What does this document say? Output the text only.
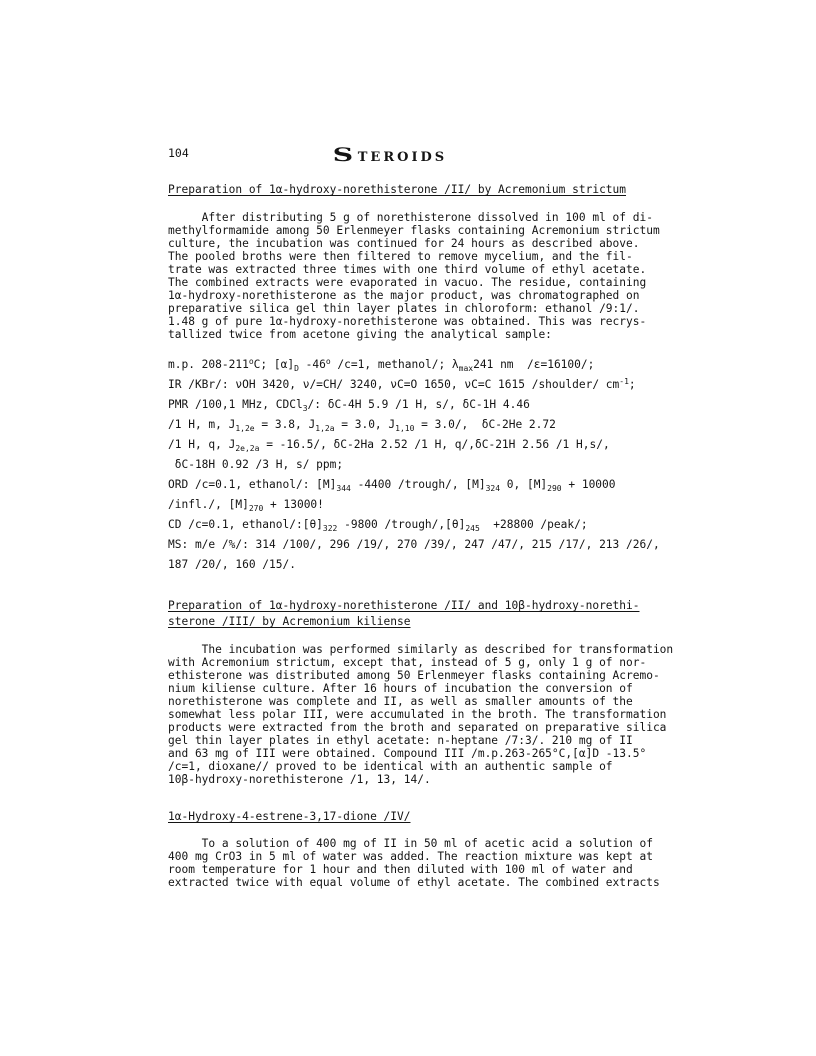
104	S TEROIDS
Preparation of 1α-hydroxy-norethisterone /II/ by Acremonium strictum
After distributing 5 g of norethisterone dissolved in 100 ml of di-
methylformamide among 50 Erlenmeyer flasks containing Acremonium strictum
culture, the incubation was continued for 24 hours as described above.
The pooled broths were then filtered to remove mycelium, and the fil-
trate was extracted three times with one third volume of ethyl acetate.
The combined extracts were evaporated in vacuo. The residue, containing
1α-hydroxy-norethisterone as the major product, was chromatographed on
preparative silica gel thin layer plates in chloroform: ethanol /9:1/.
1.48 g of pure 1α-hydroxy-norethisterone was obtained. This was recrys-
tallized twice from acetone giving the analytical sample:
m.p. 208-211$^o$C; $[\alpha]_D$ -46$^o$ /c=1, methanol/; $\lambda_{max}241$ nm  /ε=16100/;
IR /KBr/: νOH 3420, ν/=CH/ 3240, νC=O 1650, νC=C 1615 /shoulder/ $cm^{-1}$;
PMR /100,1 MHz, CDCl$_3$/: δC-4H 5.9 /1 H, s/, δC-1H 4.46
/1 H, m, $J_{1,2e} = 3.8$, $J_{1,2a} = 3.0$, $J_{1,10} = 3.0/$,  δC-2He 2.72
/1 H, q, $J_{2e,2a} = -16.5/$, δC-2Ha 2.52 /1 H, q/,δC-21H 2.56 /1 H,s/,
δC-18H 0.92 /3 H, s/ ppm;
ORD /c=0.1, ethanol/: $[M]_{344}$ -4400 /trough/, $[M]_{324}$ 0, $[M]_{290} + 10000$
/infl./, $[M]_{270} + 13000$!
CD /c=0.1, ethanol/$:[\theta]_{322}$ -9800 $/trough/,[\theta]_{245} +28800$ /peak/;
MS: m/e /%/: 314 /100/, 296 /19/, 270 /39/, 247 /47/, 215 /17/, 213 /26/,
187 /20/, 160 /15/.
Preparation of 1α-hydroxy-norethisterone /II/ and 10β-hydroxy-norethi-
sterone /III/ by Acremonium kiliense
The incubation was performed similarly as described for transformation
with Acremonium strictum, except that, instead of 5 g, only 1 g of nor-
ethisterone was distributed among 50 Erlenmeyer flasks containing Acremo-
nium kiliense culture. After 16 hours of incubation the conversion of
norethisterone was complete and II, as well as smaller amounts of the
somewhat less polar III, were accumulated in the broth. The transformation
products were extracted from the broth and separated on preparative silica
gel thin layer plates in ethyl acetate: n-heptane /7:3/. 210 mg of II
and 63 mg of III were obtained. Compound III /m.p.263-265°C,[α]D -13.5°
/c=1, dioxane// proved to be identical with an authentic sample of
10β-hydroxy-norethisterone /1, 13, 14/.
1α-Hydroxy-4-estrene-3,17-dione /IV/
To a solution of 400 mg of II in 50 ml of acetic acid a solution of
400 mg CrO3 in 5 ml of water was added. The reaction mixture was kept at
room temperature for 1 hour and then diluted with 100 ml of water and
extracted twice with equal volume of ethyl acetate. The combined extracts
